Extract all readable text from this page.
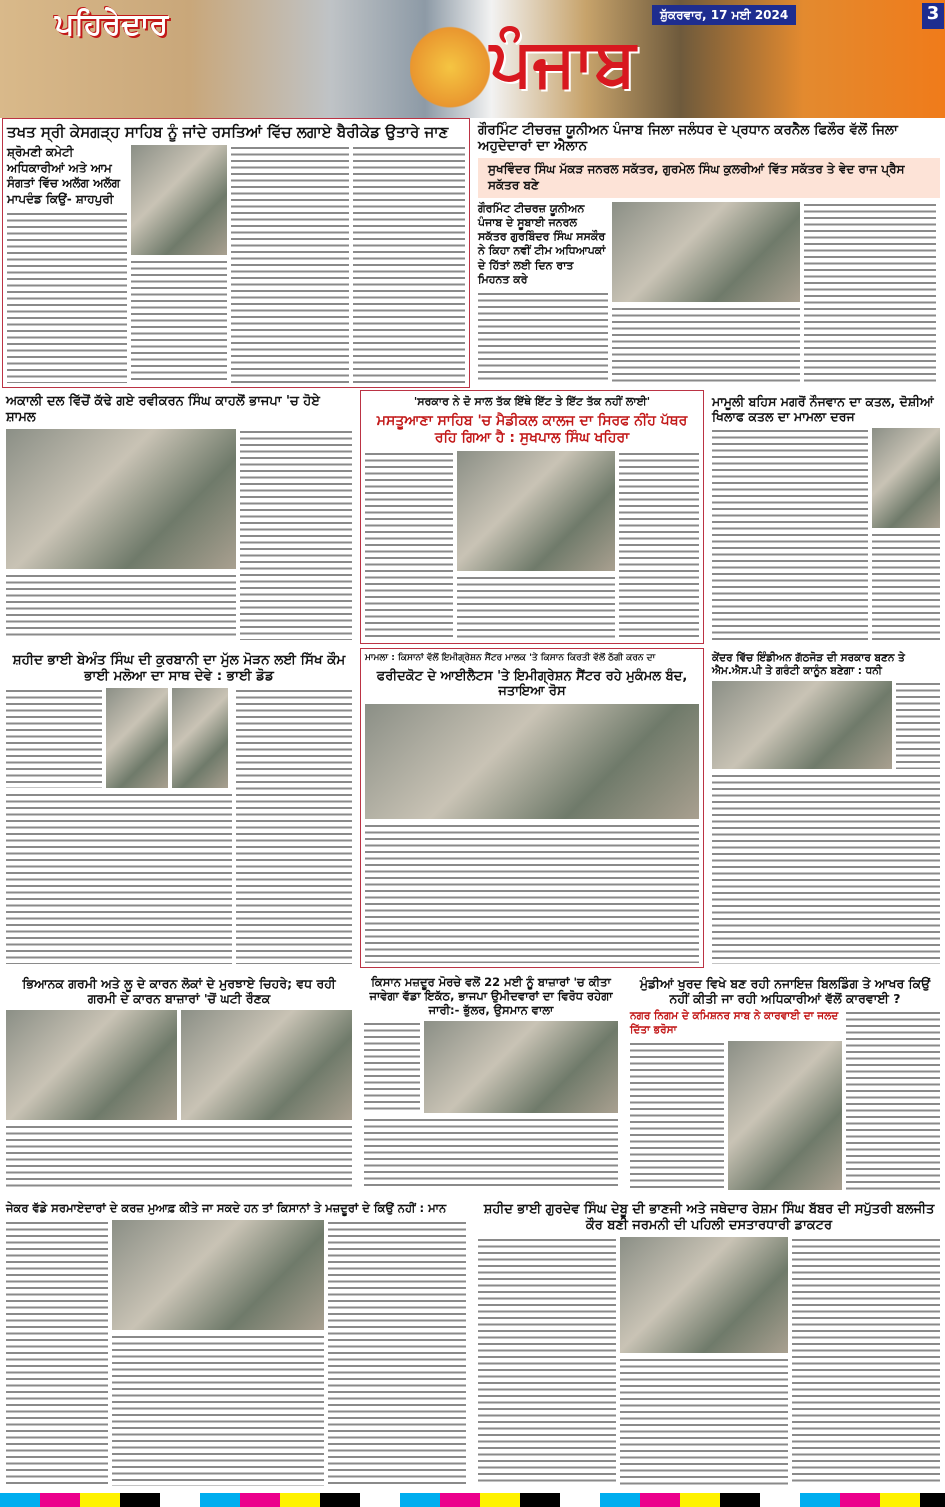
ਪਹਿਰੇਦਾਰ	ਪੰਜਾਬ
ਸ਼ੁੱਕਰਵਾਰ, 17 ਮਈ 2024	3
ਤਖਤ ਸ੍ਰੀ ਕੇਸਗੜ੍ਹ ਸਾਹਿਬ ਨੂੰ ਜਾਂਦੇ ਰਸਤਿਆਂ ਵਿੱਚ ਲਗਾਏ ਬੈਰੀਕੇਡ ਉਤਾਰੇ ਜਾਣ
ਸ਼੍ਰੋਮਣੀ ਕਮੇਟੀ ਅਧਿਕਾਰੀਆਂ ਅਤੇ ਆਮ ਸੰਗਤਾਂ ਵਿੱਚ ਅਲੱਗ ਅਲੱਗ ਮਾਪਦੰਡ ਕਿਉਂ- ਸ਼ਾਹਪੁਰੀ
ਗੌਰਮਿੰਟ ਟੀਚਰਜ਼ ਯੂਨੀਅਨ ਪੰਜਾਬ ਜਿਲਾ ਜਲੰਧਰ ਦੇ ਪ੍ਰਧਾਨ ਕਰਨੈਲ ਫਿਲੌਰ ਵੱਲੋਂ ਜਿਲਾ ਅਹੁਦੇਦਾਰਾਂ ਦਾ ਐਲਾਨ
ਸੁਖਵਿੰਦਰ ਸਿੰਘ ਮੱਕੜ ਜਨਰਲ ਸਕੱਤਰ, ਗੁਰਮੇਲ ਸਿੰਘ ਕੁਲਰੀਆਂ ਵਿੱਤ ਸਕੱਤਰ ਤੇ ਵੇਦ ਰਾਜ ਪ੍ਰੈਸ ਸਕੱਤਰ ਬਣੇ
ਗੌਰਮਿੰਟ ਟੀਚਰਜ਼ ਯੂਨੀਅਨ ਪੰਜਾਬ ਦੇ ਸੂਬਾਈ ਜਨਰਲ ਸਕੱਤਰ ਗੁਰਬਿੰਦਰ ਸਿੰਘ ਸਸਕੌਰ ਨੇ ਕਿਹਾ ਨਵੀਂ ਟੀਮ ਅਧਿਆਪਕਾਂ ਦੇ ਹਿੱਤਾਂ ਲਈ ਦਿਨ ਰਾਤ ਮਿਹਨਤ ਕਰੇ
ਅਕਾਲੀ ਦਲ ਵਿੱਚੋਂ ਕੱਢੇ ਗਏ ਰਵੀਕਰਨ ਸਿੰਘ ਕਾਹਲੋਂ ਭਾਜਪਾ 'ਚ ਹੋਏ ਸ਼ਾਮਲ
'ਸਰਕਾਰ ਨੇ ਦੋ ਸਾਲ ਤੱਕ ਇੱਥੇ ਇੱਟ ਤੇ ਇੱਟ ਤੱਕ ਨਹੀਂ ਲਾਈ'
ਮਸਤੂਆਣਾ ਸਾਹਿਬ 'ਚ ਮੈਡੀਕਲ ਕਾਲਜ ਦਾ ਸਿਰਫ ਨੀਂਹ ਪੱਥਰ ਰਹਿ ਗਿਆ ਹੈ : ਸੁਖਪਾਲ ਸਿੰਘ ਖਹਿਰਾ
ਮਾਮੂਲੀ ਬਹਿਸ ਮਗਰੋਂ ਨੌਜਵਾਨ ਦਾ ਕਤਲ, ਦੋਸ਼ੀਆਂ ਖਿਲਾਫ ਕਤਲ ਦਾ ਮਾਮਲਾ ਦਰਜ
ਸ਼ਹੀਦ ਭਾਈ ਬੇਅੰਤ ਸਿੰਘ ਦੀ ਕੁਰਬਾਨੀ ਦਾ ਮੁੱਲ ਮੋੜਨ ਲਈ ਸਿੱਖ ਕੌਮ ਭਾਈ ਮਲੋਆ ਦਾ ਸਾਥ ਦੇਵੇ : ਭਾਈ ਡੋਡ
ਮਾਮਲਾ : ਕਿਸਾਨਾਂ ਵੱਲੋਂ ਇਮੀਗ੍ਰੇਸ਼ਨ ਸੈਂਟਰ ਮਾਲਕ 'ਤੇ ਕਿਸਾਨ ਕਿਰਤੀ ਵੱਲੋਂ ਠੱਗੀ ਕਰਨ ਦਾ
ਫਰੀਦਕੋਟ ਦੇ ਆਈਲੈਟਸ 'ਤੇ ਇਮੀਗ੍ਰੇਸ਼ਨ ਸੈਂਟਰ ਰਹੇ ਮੁਕੰਮਲ ਬੰਦ, ਜਤਾਇਆ ਰੋਸ
ਕੇਂਦਰ ਵਿੱਚ ਇੰਡੀਅਨ ਗੱਠਜੋੜ ਦੀ ਸਰਕਾਰ ਬਣਨ ਤੇ ਐਮ.ਐਸ.ਪੀ ਤੇ ਗਰੰਟੀ ਕਾਨੂੰਨ ਬਣੇਗਾ : ਧਨੀ
ਭਿਆਨਕ ਗਰਮੀ ਅਤੇ ਲੂ ਦੇ ਕਾਰਨ ਲੋਕਾਂ ਦੇ ਮੁਰਝਾਏ ਚਿਹਰੇ; ਵਧ ਰਹੀ ਗਰਮੀ ਦੇ ਕਾਰਨ ਬਾਜ਼ਾਰਾਂ 'ਚੋਂ ਘਟੀ ਰੌਣਕ
ਕਿਸਾਨ ਮਜ਼ਦੂਰ ਮੋਰਚੇ ਵਲੋਂ 22 ਮਈ ਨੂੰ ਬਾਜ਼ਾਰਾਂ 'ਚ ਕੀਤਾ ਜਾਵੇਗਾ ਵੱਡਾ ਇਕੱਠ, ਭਾਜਪਾ ਉਮੀਦਵਾਰਾਂ ਦਾ ਵਿਰੋਧ ਰਹੇਗਾ ਜਾਰੀ:- ਭੁੱਲਰ, ਉਸਮਾਨ ਵਾਲਾ
ਮੁੰਡੀਆਂ ਖੁਰਦ ਵਿਖੇ ਬਣ ਰਹੀ ਨਜਾਇਜ਼ ਬਿਲਡਿੰਗ ਤੇ ਆਖਰ ਕਿਉਂ ਨਹੀਂ ਕੀਤੀ ਜਾ ਰਹੀ ਅਧਿਕਾਰੀਆਂ ਵੱਲੋਂ ਕਾਰਵਾਈ ?
ਨਗਰ ਨਿਗਮ ਦੇ ਕਮਿਸ਼ਨਰ ਸਾਬ ਨੇ ਕਾਰਵਾਈ ਦਾ ਜਲਦ ਦਿੱਤਾ ਭਰੋਸਾ
ਜੇਕਰ ਵੱਡੇ ਸਰਮਾਏਦਾਰਾਂ ਦੇ ਕਰਜ਼ ਮੁਆਫ਼ ਕੀਤੇ ਜਾ ਸਕਦੇ ਹਨ ਤਾਂ ਕਿਸਾਨਾਂ ਤੇ ਮਜ਼ਦੂਰਾਂ ਦੇ ਕਿਉਂ ਨਹੀਂ : ਮਾਨ	ਸ਼ਹੀਦ ਭਾਈ ਗੁਰਦੇਵ ਸਿੰਘ ਦੇਬੂ ਦੀ ਭਾਣਜੀ ਅਤੇ ਜਥੇਦਾਰ ਰੇਸ਼ਮ ਸਿੰਘ ਬੱਬਰ ਦੀ ਸਪੁੱਤਰੀ ਬਲਜੀਤ ਕੌਰ ਬਣੀ ਜਰਮਨੀ ਦੀ ਪਹਿਲੀ ਦਸਤਾਰਧਾਰੀ ਡਾਕਟਰ
